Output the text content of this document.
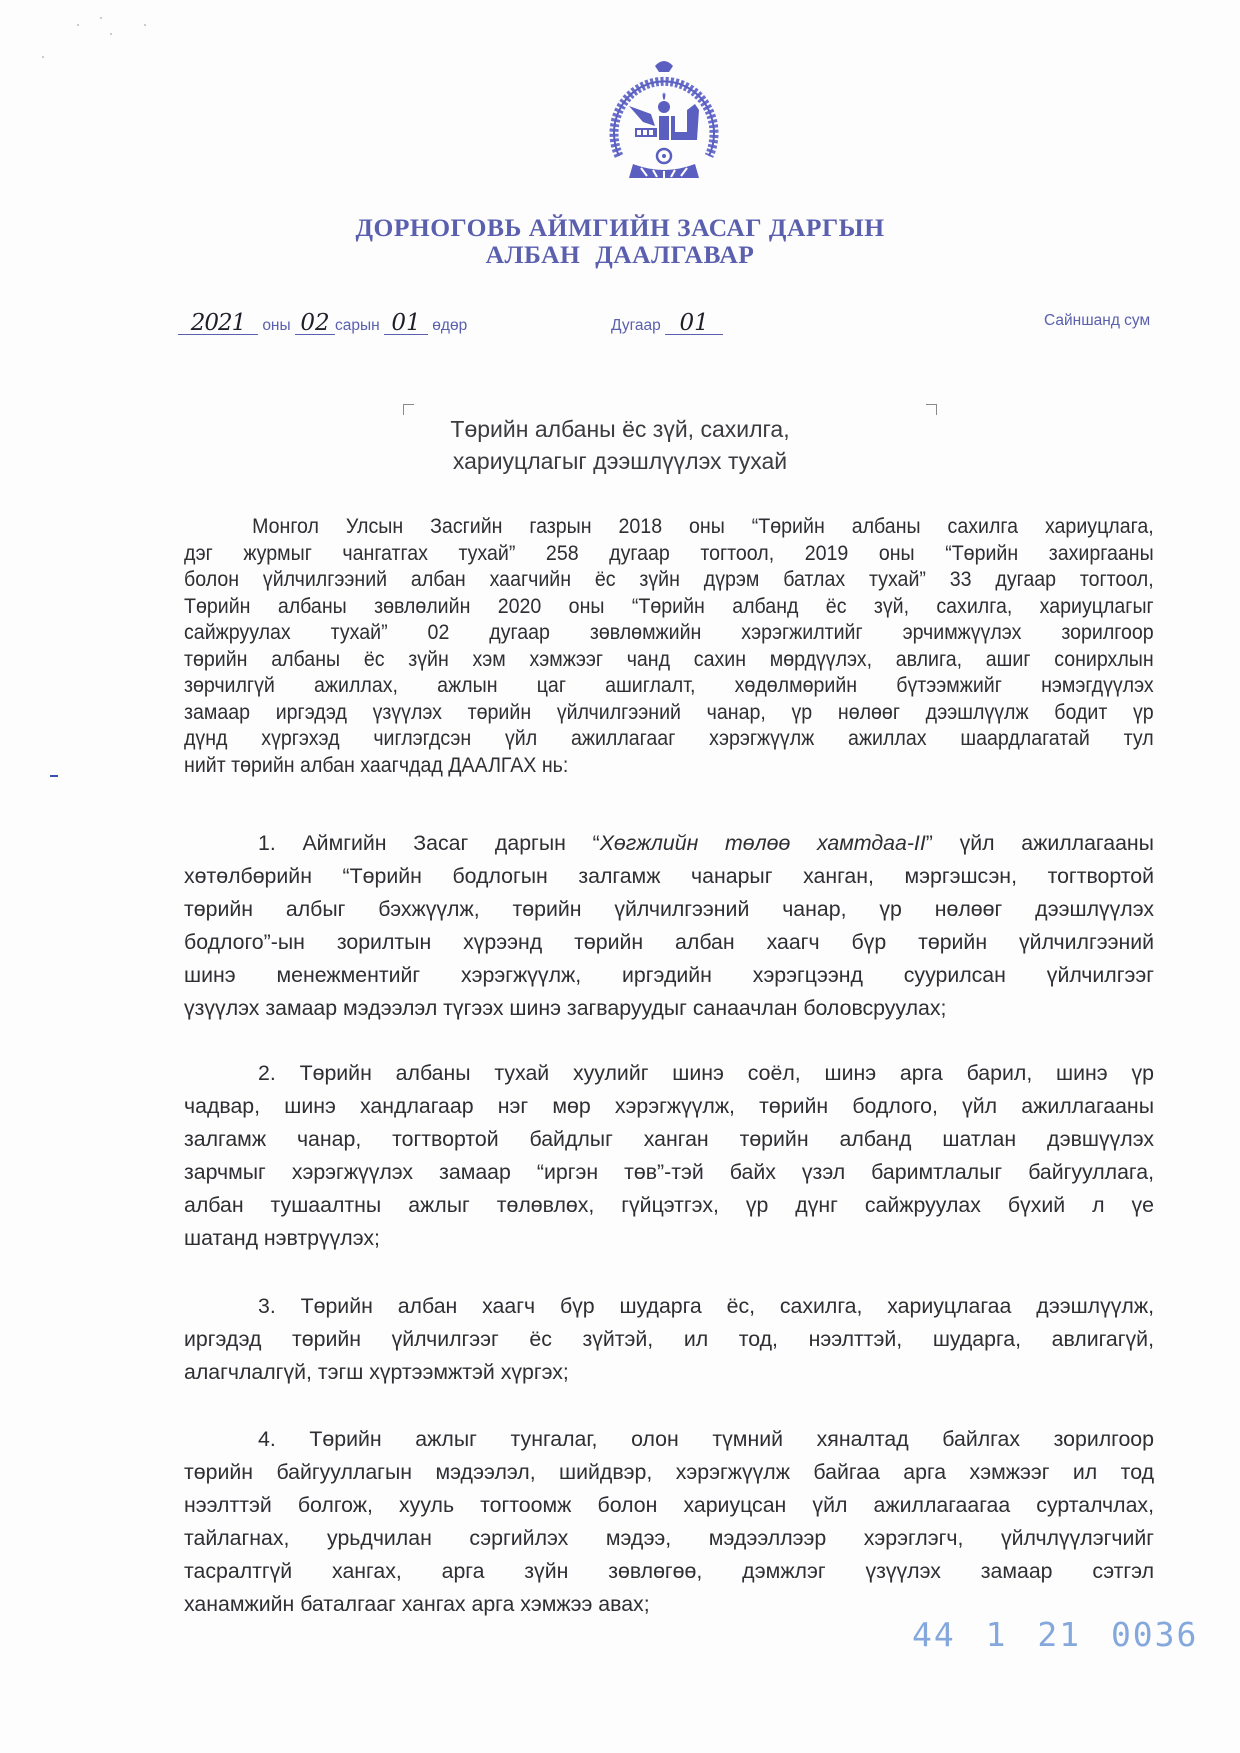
ДОРНОГОВЬ АЙМГИЙН ЗАСАГ ДАРГЫН
АЛБАН ДААЛГАВАР
2021 оны 02 сарын 01 өдөр	Дугаар 01	Сайншанд сум
Төрийн албаны ёс зүй, сахилга,
хариуцлагыг дээшлүүлэх тухай
Монгол Улсын Засгийн газрын 2018 оны “Төрийн албаны сахилга хариуцлага,
дэг журмыг чангатгах тухай” 258 дугаар тогтоол, 2019 оны “Төрийн захиргааны
болон үйлчилгээний албан хаагчийн ёс зүйн дүрэм батлах тухай” 33 дугаар тогтоол,
Төрийн албаны зөвлөлийн 2020 оны “Төрийн албанд ёс зүй, сахилга, хариуцлагыг
сайжруулах тухай” 02 дугаар зөвлөмжийн хэрэгжилтийг эрчимжүүлэх зорилгоор
төрийн албаны ёс зүйн хэм хэмжээг чанд сахин мөрдүүлэх, авлига, ашиг сонирхлын
зөрчилгүй ажиллах, ажлын цаг ашиглалт, хөдөлмөрийн бүтээмжийг нэмэгдүүлэх
замаар иргэдэд үзүүлэх төрийн үйлчилгээний чанар, үр нөлөөг дээшлүүлж бодит үр
дүнд хүргэхэд чиглэгдсэн үйл ажиллагааг хэрэгжүүлж ажиллах шаардлагатай тул
нийт төрийн албан хаагчдад ДААЛГАХ нь:
1. Аймгийн Засаг даргын “Хөгжлийн төлөө хамтдаа-II” үйл ажиллагааны
хөтөлбөрийн “Төрийн бодлогын залгамж чанарыг ханган, мэргэшсэн, тогтвортой
төрийн албыг бэхжүүлж, төрийн үйлчилгээний чанар, үр нөлөөг дээшлүүлэх
бодлого”-ын зорилтын хүрээнд төрийн албан хаагч бүр төрийн үйлчилгээний
шинэ менежментийг хэрэгжүүлж, иргэдийн хэрэгцээнд суурилсан үйлчилгээг
үзүүлэх замаар мэдээлэл түгээх шинэ загваруудыг санаачлан боловсруулах;
2. Төрийн албаны тухай хуулийг шинэ соёл, шинэ арга барил, шинэ үр
чадвар, шинэ хандлагаар нэг мөр хэрэгжүүлж, төрийн бодлого, үйл ажиллагааны
залгамж чанар, тогтвортой байдлыг ханган төрийн албанд шатлан дэвшүүлэх
зарчмыг хэрэгжүүлэх замаар “иргэн төв”-тэй байх үзэл баримтлалыг байгууллага,
албан тушаалтны ажлыг төлөвлөх, гүйцэтгэх, үр дүнг сайжруулах бүхий л үе
шатанд нэвтрүүлэх;
3. Төрийн албан хаагч бүр шударга ёс, сахилга, хариуцлагаа дээшлүүлж,
иргэдэд төрийн үйлчилгээг ёс зүйтэй, ил тод, нээлттэй, шударга, авлигагүй,
алагчлалгүй, тэгш хүртээмжтэй хүргэх;
4. Төрийн ажлыг тунгалаг, олон түмний хяналтад байлгах зорилгоор
төрийн байгууллагын мэдээлэл, шийдвэр, хэрэгжүүлж байгаа арга хэмжээг ил тод
нээлттэй болгож, хууль тогтоомж болон хариуцсан үйл ажиллагаагаа сурталчлах,
тайлагнах, урьдчилан сэргийлэх мэдээ, мэдээллээр хэрэглэгч, үйлчлүүлэгчийг
тасралтгүй хангах, арга зүйн зөвлөгөө, дэмжлэг үзүүлэх замаар сэтгэл
ханамжийн баталгааг хангах арга хэмжээ авах;
44 1 21 0036
